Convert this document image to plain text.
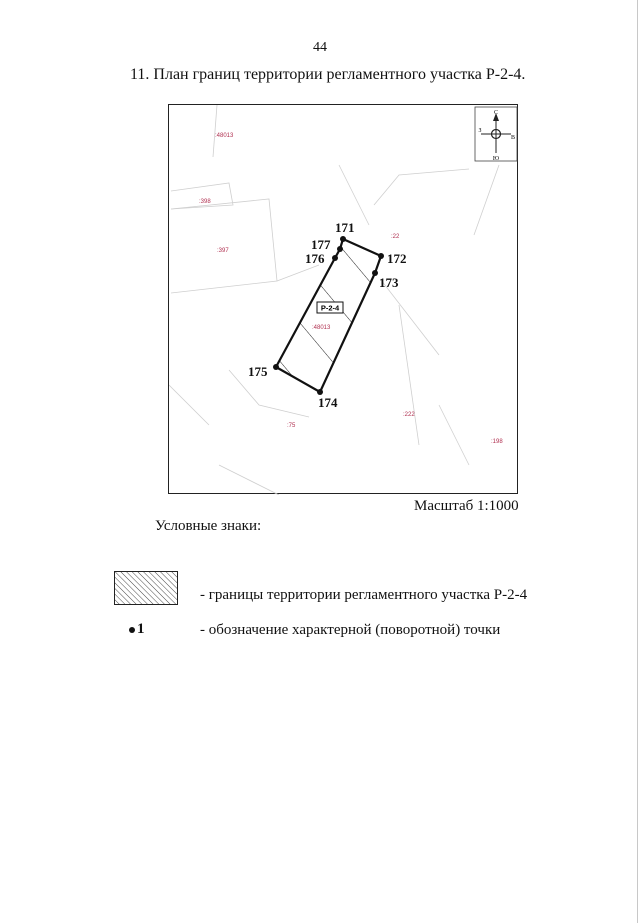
44
11. План границ территории регламентного участка Р-2-4.
С
Ю
З
В
:48013
:398
:397
:22
:222
:75
:198
Р-2-4
171
172
173
174
175
176
177
Масштаб 1:1000
Условные знаки:
- границы территории регламентного участка Р-2-4
1	- обозначение характерной (поворотной) точки
